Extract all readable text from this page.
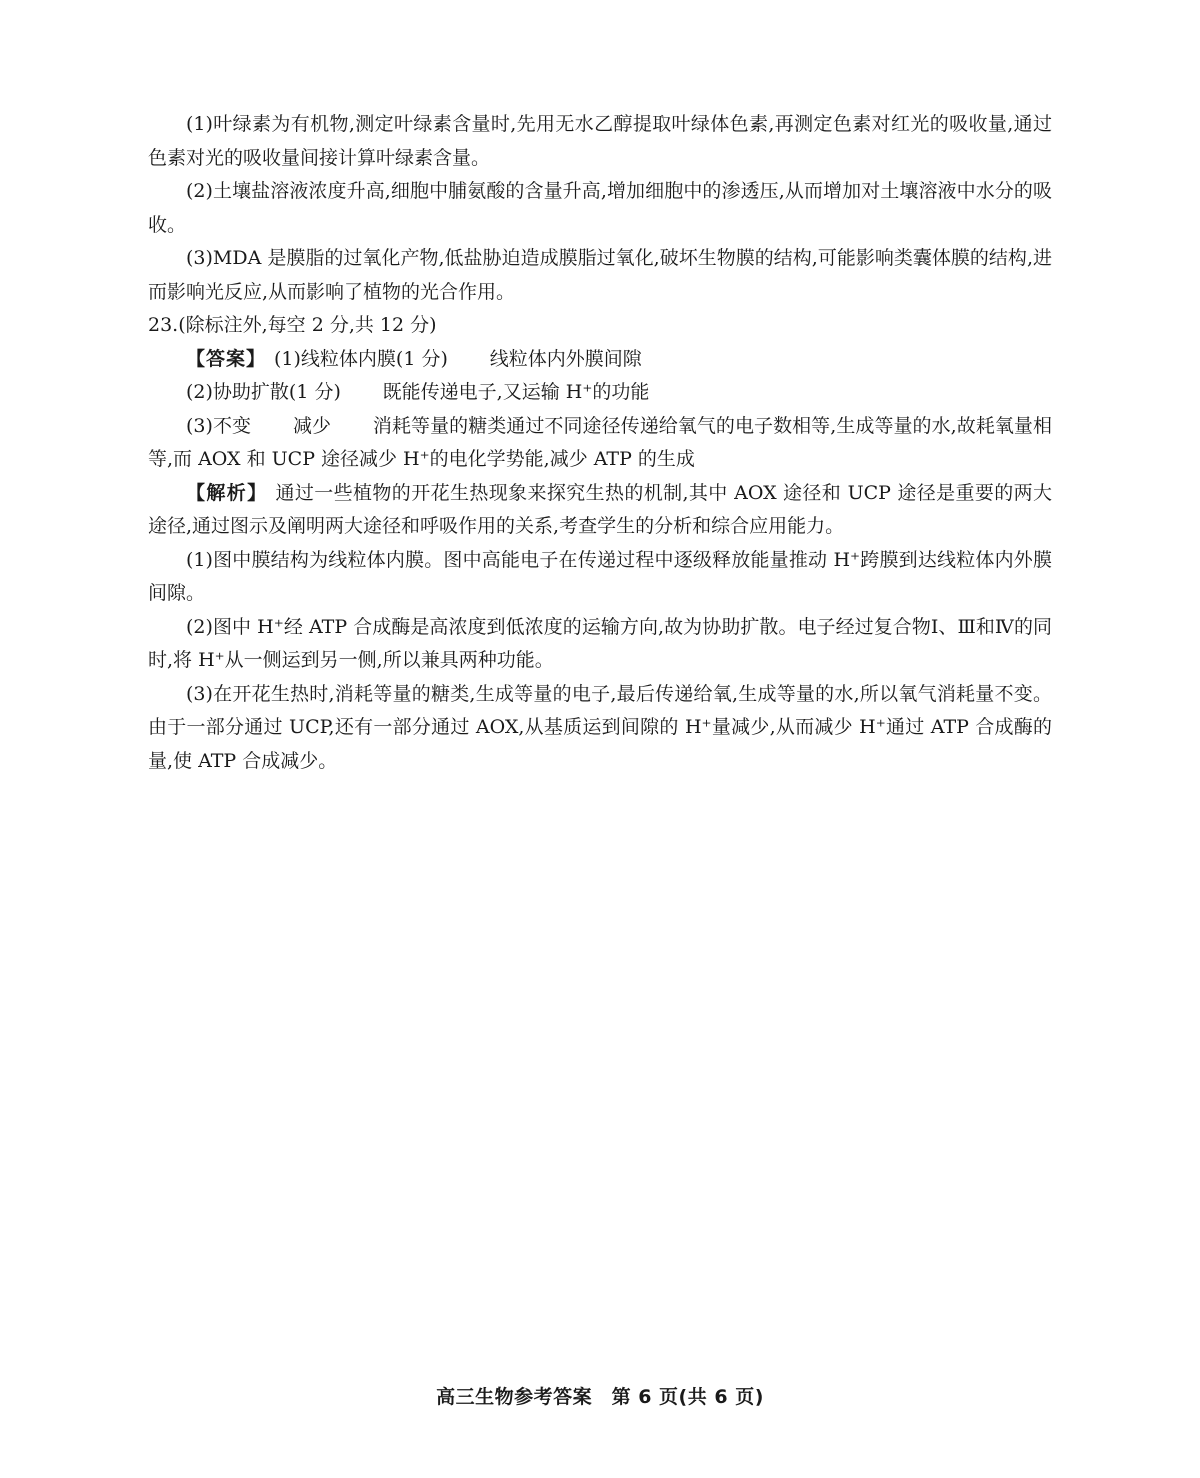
(1)叶绿素为有机物,测定叶绿素含量时,先用无水乙醇提取叶绿体色素,再测定色素对红光的吸收量,通过色素对光的吸收量间接计算叶绿素含量。

(2)土壤盐溶液浓度升高,细胞中脯氨酸的含量升高,增加细胞中的渗透压,从而增加对土壤溶液中水分的吸收。

(3)MDA 是膜脂的过氧化产物,低盐胁迫造成膜脂过氧化,破坏生物膜的结构,可能影响类囊体膜的结构,进而影响光反应,从而影响了植物的光合作用。

23.(除标注外,每空 2 分,共 12 分)

【答案】 (1)线粒体内膜(1 分) 线粒体内外膜间隙

(2)协助扩散(1 分) 既能传递电子,又运输 H⁺的功能

(3)不变 减少 消耗等量的糖类通过不同途径传递给氧气的电子数相等,生成等量的水,故耗氧量相等,而 AOX 和 UCP 途径减少 H⁺的电化学势能,减少 ATP 的生成

【解析】 通过一些植物的开花生热现象来探究生热的机制,其中 AOX 途径和 UCP 途径是重要的两大途径,通过图示及阐明两大途径和呼吸作用的关系,考查学生的分析和综合应用能力。

(1)图中膜结构为线粒体内膜。图中高能电子在传递过程中逐级释放能量推动 H⁺跨膜到达线粒体内外膜间隙。

(2)图中 H⁺经 ATP 合成酶是高浓度到低浓度的运输方向,故为协助扩散。电子经过复合物Ⅰ、Ⅲ和Ⅳ的同时,将 H⁺从一侧运到另一侧,所以兼具两种功能。

(3)在开花生热时,消耗等量的糖类,生成等量的电子,最后传递给氧,生成等量的水,所以氧气消耗量不变。由于一部分通过 UCP,还有一部分通过 AOX,从基质运到间隙的 H⁺量减少,从而减少 H⁺通过 ATP 合成酶的量,使 ATP 合成减少。

高三生物参考答案　第 6 页(共 6 页)
